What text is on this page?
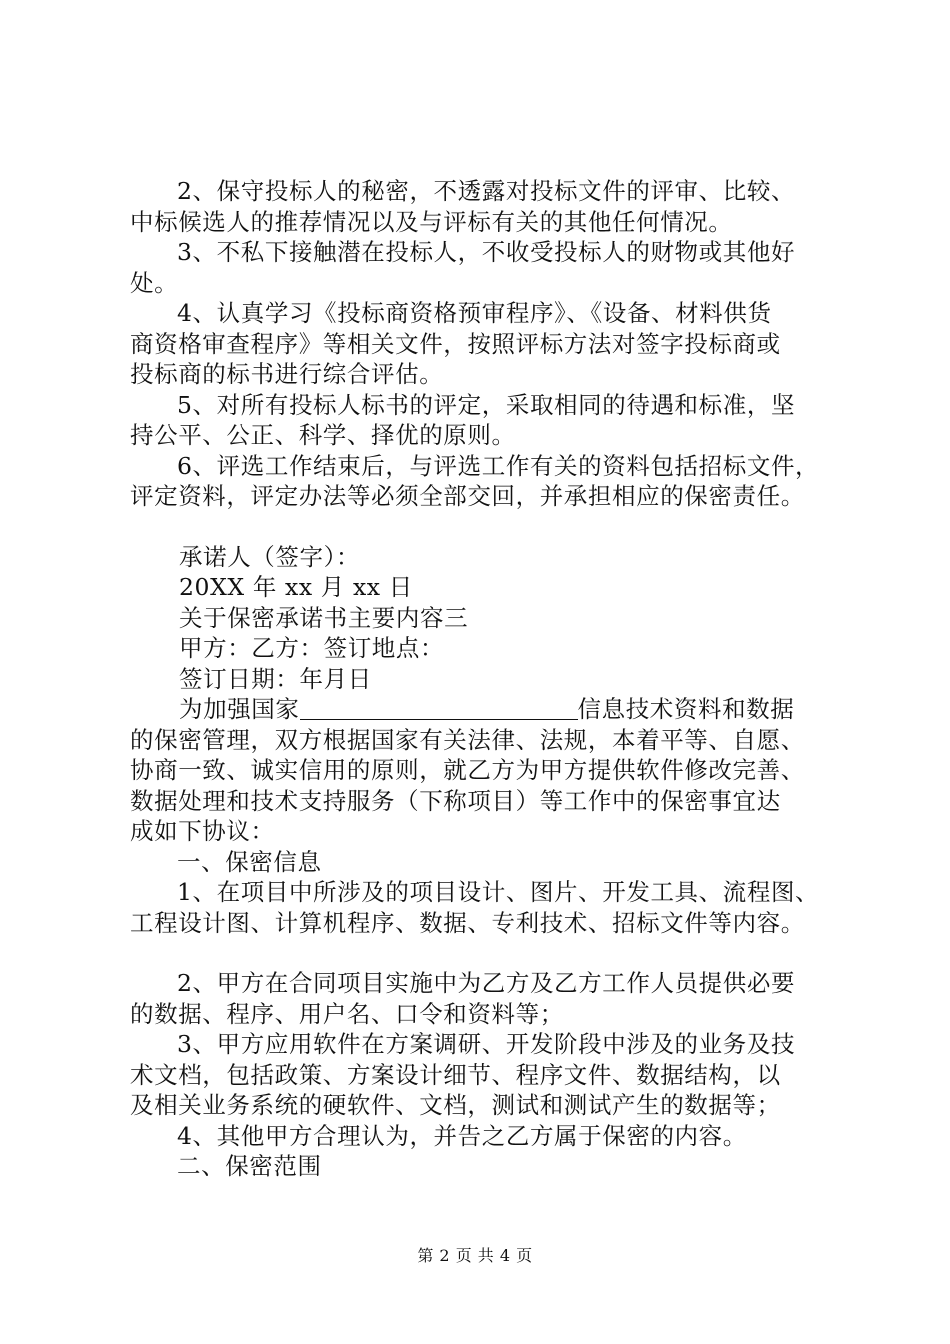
2、保守投标人的秘密，不透露对投标文件的评审、比较、
中标候选人的推荐情况以及与评标有关的其他任何情况。
3、不私下接触潜在投标人，不收受投标人的财物或其他好
处。
4、认真学习《投标商资格预审程序》、《设备、材料供货
商资格审查程序》等相关文件，按照评标方法对签字投标商或
投标商的标书进行综合评估。
5、对所有投标人标书的评定，采取相同的待遇和标准，坚
持公平、公正、科学、择优的原则。
6、评选工作结束后，与评选工作有关的资料包括招标文件，
评定资料，评定办法等必须全部交回，并承担相应的保密责任。
承诺人（签字）：
20XX 年 xx 月 xx 日
关于保密承诺书主要内容三
甲方：乙方：签订地点：
签订日期：年月日
为加强国家	信息技术资料和数据
的保密管理，双方根据国家有关法律、法规，本着平等、自愿、
协商一致、诚实信用的原则，就乙方为甲方提供软件修改完善、
数据处理和技术支持服务（下称项目）等工作中的保密事宜达
成如下协议：
一、保密信息
1、在项目中所涉及的项目设计、图片、开发工具、流程图、
工程设计图、计算机程序、数据、专利技术、招标文件等内容。
2、甲方在合同项目实施中为乙方及乙方工作人员提供必要
的数据、程序、用户名、口令和资料等；
3、甲方应用软件在方案调研、开发阶段中涉及的业务及技
术文档，包括政策、方案设计细节、程序文件、数据结构，以
及相关业务系统的硬软件、文档，测试和测试产生的数据等；
4、其他甲方合理认为，并告之乙方属于保密的内容。
二、保密范围
第 2 页 共 4 页
